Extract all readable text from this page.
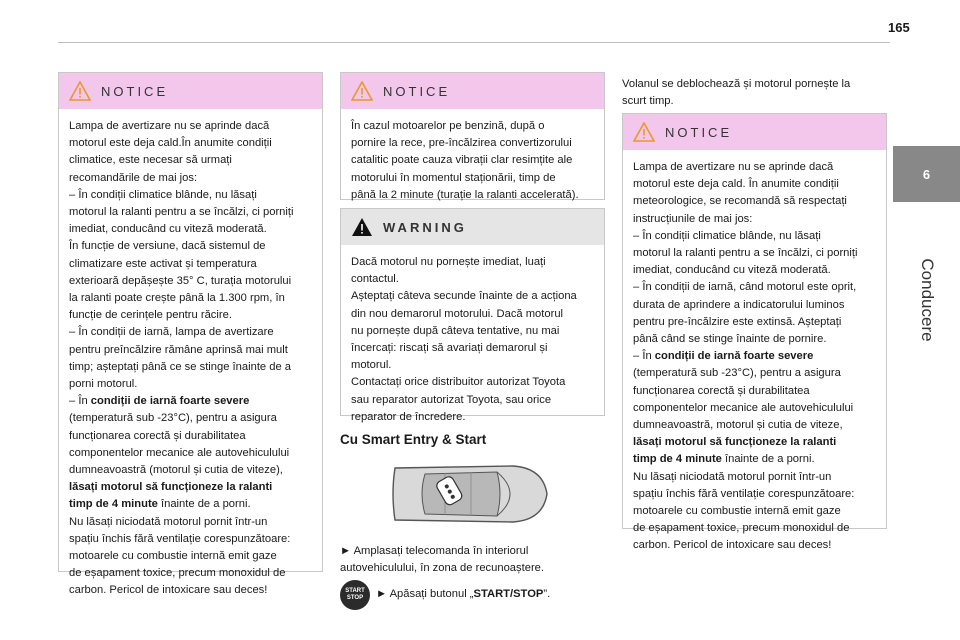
165
6
Conducere
NOTICE

Lampa de avertizare nu se aprinde dacă

motorul este deja cald.În anumite condiții

climatice, este necesar să urmați

recomandările de mai jos:

– În condiții climatice blânde, nu lăsați

motorul la ralanti pentru a se încălzi, ci porniți

imediat, conducând cu viteză moderată.

În funcție de versiune, dacă sistemul de

climatizare este activat și temperatura

exterioară depășește 35° C, turația motorului

la ralanti poate crește până la 1.300 rpm, în

funcție de cerințele pentru răcire.

– În condiții de iarnă, lampa de avertizare

pentru preîncălzire rămâne aprinsă mai mult

timp; așteptați până ce se stinge înainte de a

porni motorul.

– În condiții de iarnă foarte severe

(temperatură sub -23°C), pentru a asigura

funcționarea corectă și durabilitatea

componentelor mecanice ale autovehiculului

dumneavoastră (motorul și cutia de viteze),

lăsați motorul să funcționeze la ralanti

timp de 4 minute înainte de a porni.

Nu lăsați niciodată motorul pornit într-un

spațiu închis fără ventilație corespunzătoare:

motoarele cu combustie internă emit gaze

de eșapament toxice, precum monoxidul de

carbon. Pericol de intoxicare sau deces!

NOTICE

În cazul motoarelor pe benzină, după o

pornire la rece, pre-încălzirea convertizorului

catalitic poate cauza vibrații clar resimțite ale

motorului în momentul staționării, timp de

până la 2 minute (turație la ralanti accelerată).

WARNING

Dacă motorul nu pornește imediat, luați

contactul.

Așteptați câteva secunde înainte de a acționa

din nou demarorul motorului. Dacă motorul

nu pornește după câteva tentative, nu mai

încercați: riscați să avariați demarorul și

motorul.

Contactați orice distribuitor autorizat Toyota

sau reparator autorizat Toyota, sau orice

reparator de încredere.

Cu Smart Entry & Start

► Amplasați telecomanda în interiorul

autovehiculului, în zona de recunoaștere.

START
STOP ► Apăsați butonul „START/STOP”.

Volanul se deblochează și motorul pornește la

scurt timp.

NOTICE

Lampa de avertizare nu se aprinde dacă

motorul este deja cald. În anumite condiții

meteorologice, se recomandă să respectați

instrucțiunile de mai jos:

– În condiții climatice blânde, nu lăsați

motorul la ralanti pentru a se încălzi, ci porniți

imediat, conducând cu viteză moderată.

– În condiții de iarnă, când motorul este oprit,

durata de aprindere a indicatorului luminos

pentru pre-încălzire este extinsă. Așteptați

până când se stinge înainte de pornire.

– În condiții de iarnă foarte severe

(temperatură sub -23°C), pentru a asigura

funcționarea corectă și durabilitatea

componentelor mecanice ale autovehiculului

dumneavoastră, motorul și cutia de viteze,

lăsați motorul să funcționeze la ralanti

timp de 4 minute înainte de a porni.

Nu lăsați niciodată motorul pornit într-un

spațiu închis fără ventilație corespunzătoare:

motoarele cu combustie internă emit gaze

de eșapament toxice, precum monoxidul de

carbon. Pericol de intoxicare sau deces!
